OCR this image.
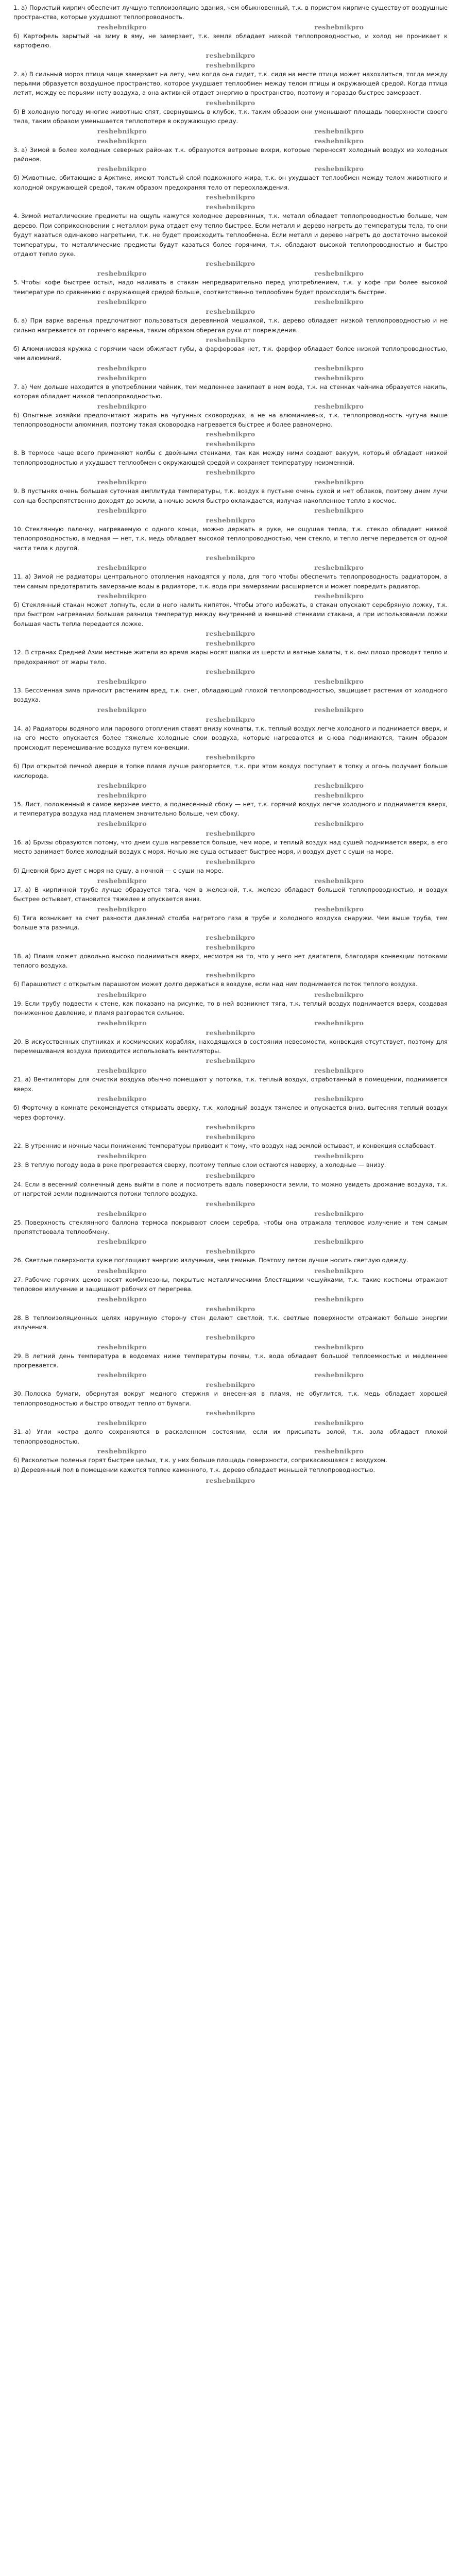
1. а) Пористый кирпич обеспечит лучшую теплоизоляцию здания, чем обыкновенный, т.к. в пористом кирпиче существуют воздушные пространства, которые ухудшают теплопроводность.

reshebnikpro	reshebnikpro

б) Картофель зарытый на зиму в яму, не замерзает, т.к. земля обладает низкой теплопроводностью, и холод не проникает к картофелю.

reshebnikpro
reshebnikpro

2. а) В сильный мороз птица чаще замерзает на лету, чем когда она сидит, т.к. сидя на месте птица может нахохлиться, тогда между перьями образуется воздушное пространство, которое ухудшает теплообмен между телом птицы и окружающей средой. Когда птица летит, между ее перьями нету воздуха, а она активней отдает энергию в пространство, поэтому и гораздо быстрее замерзает.

reshebnikpro

б) В холодную погоду многие животные спят, свернувшись в клубок, т.к. таким образом они уменьшают площадь поверхности своего тела, таким образом уменьшается теплопотеря в окружающую среду.

reshebnikpro	reshebnikpro
reshebnikpro	reshebnikpro

3. а) Зимой в более холодных северных районах т.к. образуются ветровые вихри, которые переносят холодный воздух из холодных районов.

reshebnikpro	reshebnikpro

б) Животные, обитающие в Арктике, имеют толстый слой подкожного жира, т.к. он ухудшает теплообмен между телом животного и холодной окружающей средой, таким образом предохраняя тело от переохлаждения.

reshebnikpro
reshebnikpro

4. Зимой металлические предметы на ощупь кажутся холоднее деревянных, т.к. металл обладает теплопроводностью больше, чем дерево. При соприкосновении с металлом рука отдает ему тепло быстрее. Если металл и дерево нагреть до температуры тела, то они будут казаться одинаково нагретыми, т.к. не будет происходить теплообмена. Если металл и дерево нагреть до достаточно высокой температуры, то металлические предметы будут казаться более горячими, т.к. обладают высокой теплопроводностью и быстро отдают тепло руке.

reshebnikpro
reshebnikpro	reshebnikpro

5. Чтобы кофе быстрее остыл, надо наливать в стакан непредварительно перед употреблением, т.к. у кофе при более высокой температуре по сравнению с окружающей средой больше, соответственно теплообмен будет происходить быстрее.

reshebnikpro	reshebnikpro
reshebnikpro

6. а) При варке варенья предпочитают пользоваться деревянной мешалкой, т.к. дерево обладает низкой теплопроводностью и не сильно нагревается от горячего варенья, таким образом оберегая руки от повреждения.

reshebnikpro

б) Алюминиевая кружка с горячим чаем обжигает губы, а фарфоровая нет, т.к. фарфор обладает более низкой теплопроводностью, чем алюминий.

reshebnikpro	reshebnikpro
reshebnikpro	reshebnikpro

7. а) Чем дольше находится в употреблении чайник, тем медленнее закипает в нем вода, т.к. на стенках чайника образуется накипь, которая обладает низкой теплопроводностью.

reshebnikpro	reshebnikpro

б) Опытные хозяйки предпочитают жарить на чугунных сковородках, а не на алюминиевых, т.к. теплопроводность чугуна выше теплопроводности алюминия, поэтому такая сковородка нагревается быстрее и более равномерно.

reshebnikpro
reshebnikpro

8. В термосе чаще всего применяют колбы с двойными стенками, так как между ними создают вакуум, который обладает низкой теплопроводностью и ухудшает теплообмен с окружающей средой и сохраняет температуру неизменной.

reshebnikpro
reshebnikpro	reshebnikpro

9. В пустынях очень большая суточная амплитуда температуры, т.к. воздух в пустыне очень сухой и нет облаков, поэтому днем лучи солнца беспрепятственно доходят до земли, а ночью земля быстро охлаждается, излучая накопленное тепло в космос.

reshebnikpro	reshebnikpro
reshebnikpro

10. Стеклянную палочку, нагреваемую с одного конца, можно держать в руке, не ощущая тепла, т.к. стекло обладает низкой теплопроводностью, а медная — нет, т.к. медь обладает высокой теплопроводностью, чем стекло, и тепло легче передается от одной части тела к другой.

reshebnikpro
reshebnikpro	reshebnikpro

11. а) Зимой не радиаторы центрального отопления находятся у пола, для того чтобы обеспечить теплопроводность радиатором, а тем самым предотвратить замерзание воды в радиаторе, т.к. вода при замерзании расширяется и может повредить радиатор.

reshebnikpro	reshebnikpro

б) Стеклянный стакан может лопнуть, если в него налить кипяток. Чтобы этого избежать, в стакан опускают серебряную ложку, т.к. при быстром нагревании большая разница температур между внутренней и внешней стенками стакана, а при использовании ложки большая часть тепла передается ложке.

reshebnikpro
reshebnikpro

12. В странах Средней Азии местные жители во время жары носят шапки из шерсти и ватные халаты, т.к. они плохо проводят тепло и предохраняют от жары тело.

reshebnikpro
reshebnikpro	reshebnikpro

13. Бессменная зима приносит растениям вред, т.к. снег, обладающий плохой теплопроводностью, защищает растения от холодного воздуха.

reshebnikpro	reshebnikpro
reshebnikpro

14. а) Радиаторы водяного или парового отопления ставят внизу комнаты, т.к. теплый воздух легче холодного и поднимается вверх, и на его место опускается более тяжелые холодные слои воздуха, которые нагреваются и снова поднимаются, таким образом происходит перемешивание воздуха путем конвекции.

reshebnikpro

б) При открытой печной дверце в топке пламя лучше разгорается, т.к. при этом воздух поступает в топку и огонь получает больше кислорода.

reshebnikpro	reshebnikpro
reshebnikpro	reshebnikpro

15. Лист, положенный в самое верхнее место, а поднесенный сбоку — нет, т.к. горячий воздух легче холодного и поднимается вверх, и температура воздуха над пламенем значительно больше, чем сбоку.

reshebnikpro	reshebnikpro
reshebnikpro

16. а) Бризы образуются потому, что днем суша нагревается больше, чем море, и теплый воздух над сушей поднимается вверх, а его место занимает более холодный воздух с моря. Ночью же суша остывает быстрее моря, и воздух дует с суши на море.

reshebnikpro

б) Дневной бриз дует с моря на сушу, а ночной — с суши на море.

reshebnikpro	reshebnikpro

17. а) В кирпичной трубе лучше образуется тяга, чем в железной, т.к. железо обладает большей теплопроводностью, и воздух быстрее остывает, становится тяжелее и опускается вниз.

reshebnikpro	reshebnikpro

б) Тяга возникает за счет разности давлений столба нагретого газа в трубе и холодного воздуха снаружи. Чем выше труба, тем больше эта разница.

reshebnikpro
reshebnikpro

18. а) Пламя может довольно высоко подниматься вверх, несмотря на то, что у него нет двигателя, благодаря конвекции потоками теплого воздуха.

reshebnikpro

б) Парашютист с открытым парашютом может долго держаться в воздухе, если над ним поднимается поток теплого воздуха.

reshebnikpro	reshebnikpro

19. Если трубу подвести к стене, как показано на рисунке, то в ней возникнет тяга, т.к. теплый воздух поднимается вверх, создавая пониженное давление, и пламя разгорается сильнее.

reshebnikpro	reshebnikpro
reshebnikpro

20. В искусственных спутниках и космических кораблях, находящихся в состоянии невесомости, конвекция отсутствует, поэтому для перемешивания воздуха приходится использовать вентиляторы.

reshebnikpro
reshebnikpro	reshebnikpro

21. а) Вентиляторы для очистки воздуха обычно помещают у потолка, т.к. теплый воздух, отработанный в помещении, поднимается вверх.

reshebnikpro	reshebnikpro

б) Форточку в комнате рекомендуется открывать вверху, т.к. холодный воздух тяжелее и опускается вниз, вытесняя теплый воздух через форточку.

reshebnikpro
reshebnikpro

22. В утренние и ночные часы понижение температуры приводит к тому, что воздух над землей остывает, и конвекция ослабевает.

reshebnikpro	reshebnikpro

23. В теплую погоду вода в реке прогревается сверху, поэтому теплые слои остаются наверху, а холодные — внизу.

reshebnikpro

24. Если в весенний солнечный день выйти в поле и посмотреть вдаль поверхности земли, то можно увидеть дрожание воздуха, т.к. от нагретой земли поднимаются потоки теплого воздуха.

reshebnikpro
reshebnikpro	reshebnikpro

25. Поверхность стеклянного баллона термоса покрывают слоем серебра, чтобы она отражала тепловое излучение и тем самым препятствовала теплообмену.

reshebnikpro	reshebnikpro
reshebnikpro

26. Светлые поверхности хуже поглощают энергию излучения, чем темные. Поэтому летом лучше носить светлую одежду.

reshebnikpro	reshebnikpro

27. Рабочие горячих цехов носят комбинезоны, покрытые металлическими блестящими чешуйками, т.к. такие костюмы отражают тепловое излучение и защищают рабочих от перегрева.

reshebnikpro	reshebnikpro
reshebnikpro

28. В теплоизоляционных целях наружную сторону стен делают светлой, т.к. светлые поверхности отражают больше энергии излучения.

reshebnikpro
reshebnikpro	reshebnikpro

29. В летний день температура в водоемах ниже температуры почвы, т.к. вода обладает большой теплоемкостью и медленнее прогревается.

reshebnikpro	reshebnikpro
reshebnikpro

30. Полоска бумаги, обернутая вокруг медного стержня и внесенная в пламя, не обуглится, т.к. медь обладает хорошей теплопроводностью и быстро отводит тепло от бумаги.

reshebnikpro
reshebnikpro	reshebnikpro

31. а) Угли костра долго сохраняются в раскаленном состоянии, если их присыпать золой, т.к. зола обладает плохой теплопроводностью.

reshebnikpro	reshebnikpro

б) Расколотые поленья горят быстрее целых, т.к. у них больше площадь поверхности, соприкасающаяся с воздухом.

в) Деревянный пол в помещении кажется теплее каменного, т.к. дерево обладает меньшей теплопроводностью.

reshebnikpro
